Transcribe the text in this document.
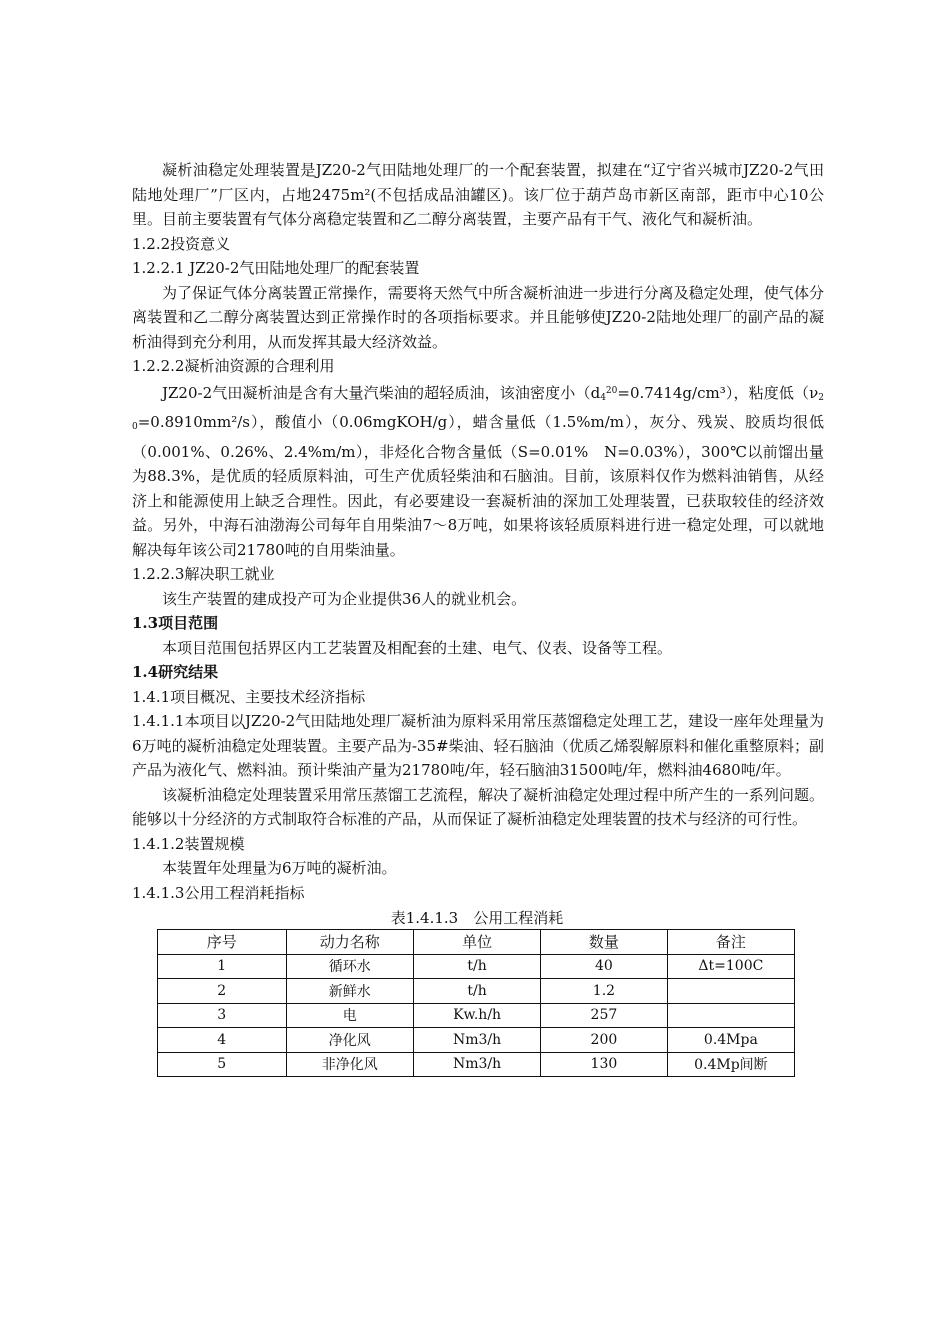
凝析油稳定处理装置是JZ20-2气田陆地处理厂的一个配套装置，拟建在“辽宁省兴城市JZ20-2气田陆地处理厂”厂区内，占地2475m²(不包括成品油罐区)。该厂位于葫芦岛市新区南部，距市中心10公里。目前主要装置有气体分离稳定装置和乙二醇分离装置，主要产品有干气、液化气和凝析油。

1.2.2投资意义

1.2.2.1 JZ20-2气田陆地处理厂的配套装置

为了保证气体分离装置正常操作，需要将天然气中所含凝析油进一步进行分离及稳定处理，使气体分离装置和乙二醇分离装置达到正常操作时的各项指标要求。并且能够使JZ20-2陆地处理厂的副产品的凝析油得到充分利用，从而发挥其最大经济效益。

1.2.2.2凝析油资源的合理利用

JZ20-2气田凝析油是含有大量汽柴油的超轻质油，该油密度小$(d_4^{20}=0.7414g/cm^3)$，粘度低$(\nu_{20}=0.8910mm^2/s)$，酸值小（0.06mgKOH/g），蜡含量低（1.5%m/m），灰分、残炭、胶质均很低（0.001%、0.26%、2.4%m/m），非烃化合物含量低（S=0.01%　N=0.03%），300℃以前馏出量为88.3%，是优质的轻质原料油，可生产优质轻柴油和石脑油。目前，该原料仅作为燃料油销售，从经济上和能源使用上缺乏合理性。因此，有必要建设一套凝析油的深加工处理装置，已获取较佳的经济效益。另外，中海石油渤海公司每年自用柴油7～8万吨，如果将该轻质原料进行进一稳定处理，可以就地解决每年该公司21780吨的自用柴油量。

1.2.2.3解决职工就业

该生产装置的建成投产可为企业提供36人的就业机会。

1.3项目范围

本项目范围包括界区内工艺装置及相配套的土建、电气、仪表、设备等工程。

1.4研究结果

1.4.1项目概况、主要技术经济指标

1.4.1.1本项目以JZ20-2气田陆地处理厂凝析油为原料采用常压蒸馏稳定处理工艺，建设一座年处理量为6万吨的凝析油稳定处理装置。主要产品为-35#柴油、轻石脑油（优质乙烯裂解原料和催化重整原料；副产品为液化气、燃料油。预计柴油产量为21780吨/年，轻石脑油31500吨/年，燃料油4680吨/年。

该凝析油稳定处理装置采用常压蒸馏工艺流程，解决了凝析油稳定处理过程中所产生的一系列问题。能够以十分经济的方式制取符合标准的产品，从而保证了凝析油稳定处理装置的技术与经济的可行性。

1.4.1.2装置规模

本装置年处理量为6万吨的凝析油。

1.4.1.3公用工程消耗指标

表1.4.1.3　公用工程消耗

序号	动力名称	单位	数量	备注
1	循环水	t/h	40	Δt=100C
2	新鲜水	t/h	1.2	
3	电	Kw.h/h	257	
4	净化风	Nm3/h	200	0.4Mpa
5	非净化风	Nm3/h	130	0.4Mp间断
